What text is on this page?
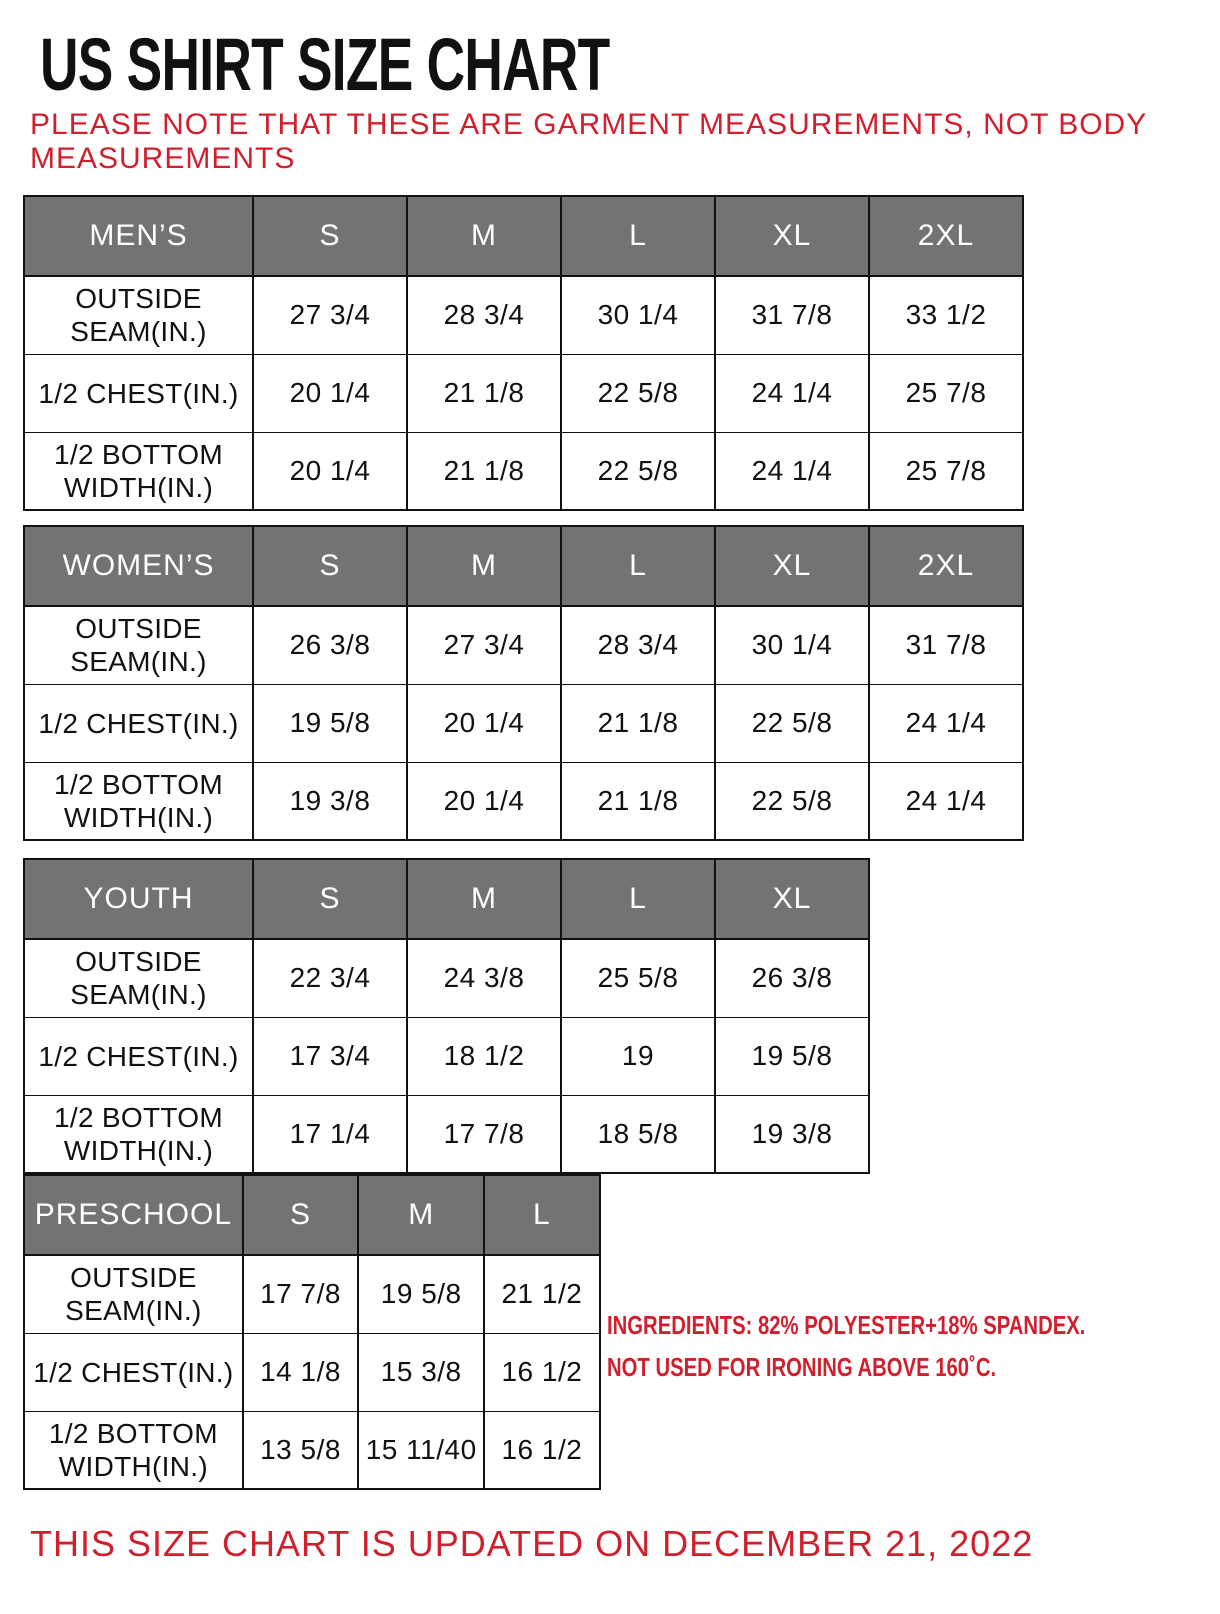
US SHIRT SIZE CHART
PLEASE NOTE THAT THESE ARE GARMENT MEASUREMENTS, NOT BODY
MEASUREMENTS
MEN’S	S	M	L	XL	2XL

OUTSIDE
SEAM(IN.)	27 3/4	28 3/4	30 1/4	31 7/8	33 1/2

1/2 CHEST(IN.)	20 1/4	21 1/8	22 5/8	24 1/4	25 7/8

1/2 BOTTOM
WIDTH(IN.)	20 1/4	21 1/8	22 5/8	24 1/4	25 7/8
WOMEN’S	S	M	L	XL	2XL

OUTSIDE
SEAM(IN.)	26 3/8	27 3/4	28 3/4	30 1/4	31 7/8

1/2 CHEST(IN.)	19 5/8	20 1/4	21 1/8	22 5/8	24 1/4

1/2 BOTTOM
WIDTH(IN.)	19 3/8	20 1/4	21 1/8	22 5/8	24 1/4
YOUTH	S	M	L	XL

OUTSIDE
SEAM(IN.)	22 3/4	24 3/8	25 5/8	26 3/8

1/2 CHEST(IN.)	17 3/4	18 1/2	19	19 5/8

1/2 BOTTOM
WIDTH(IN.)	17 1/4	17 7/8	18 5/8	19 3/8
PRESCHOOL	S	M	L

OUTSIDE
SEAM(IN.)	17 7/8	19 5/8	21 1/2

1/2 CHEST(IN.)	14 1/8	15 3/8	16 1/2

1/2 BOTTOM
WIDTH(IN.)	13 5/8	15 11/40	16 1/2
INGREDIENTS: 82% POLYESTER+18% SPANDEX.
NOT USED FOR IRONING ABOVE 160˚C.
THIS SIZE CHART IS UPDATED ON DECEMBER 21, 2022
